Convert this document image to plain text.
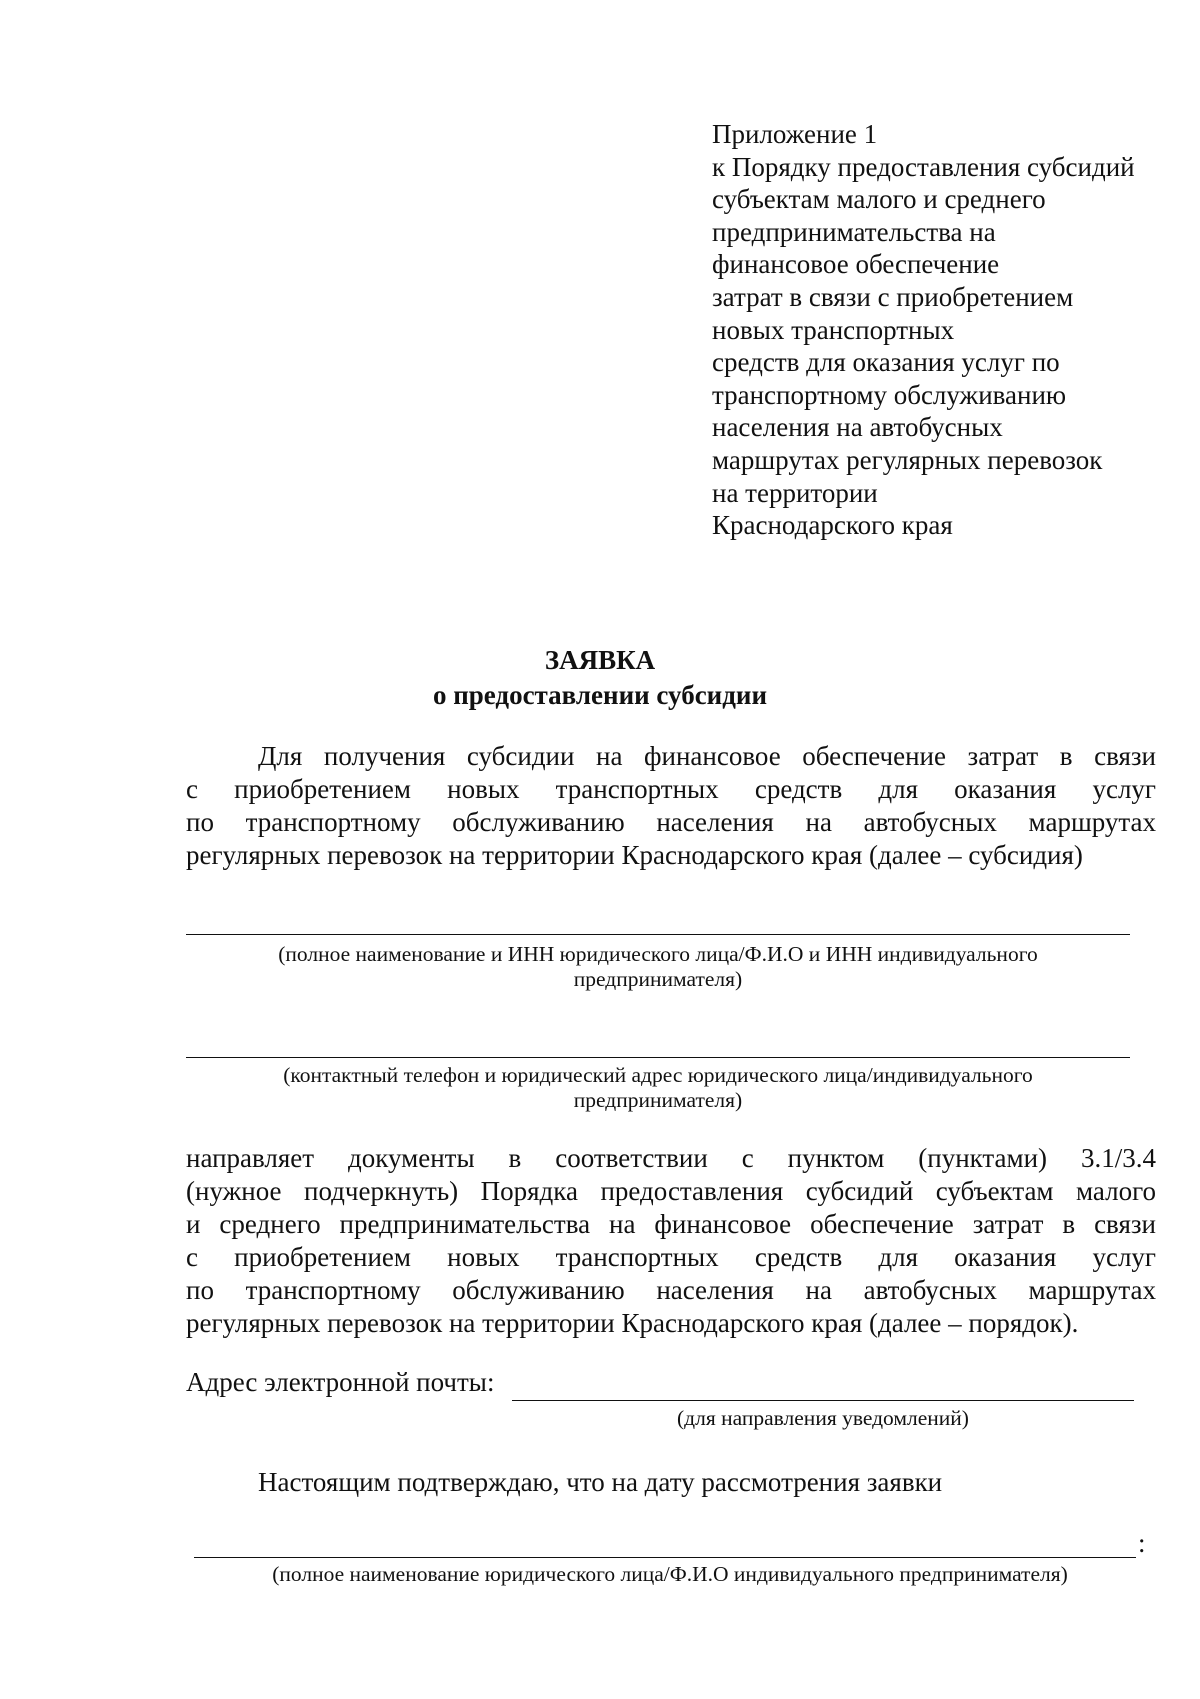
Приложение 1
к Порядку предоставления субсидий
субъектам малого и среднего
предпринимательства на
финансовое обеспечение
затрат в связи с приобретением
новых транспортных
средств для оказания услуг по
транспортному обслуживанию
населения на автобусных
маршрутах регулярных перевозок
на территории
Краснодарского края
ЗАЯВКА
о предоставлении субсидии
Для получения субсидии на финансовое обеспечение затрат в связи
с приобретением новых транспортных средств для оказания услуг
по транспортному обслуживанию населения на автобусных маршрутах
регулярных перевозок на территории Краснодарского края (далее – субсидия)
(полное наименование и ИНН юридического лица/Ф.И.О и ИНН индивидуального
предпринимателя)
(контактный телефон и юридический адрес юридического лица/индивидуального
предпринимателя)
направляет документы в соответствии с пунктом (пунктами) 3.1/3.4
(нужное подчеркнуть) Порядка предоставления субсидий субъектам малого
и среднего предпринимательства на финансовое обеспечение затрат в связи
с приобретением новых транспортных средств для оказания услуг
по транспортному обслуживанию населения на автобусных маршрутах
регулярных перевозок на территории Краснодарского края (далее – порядок).
Адрес электронной почты:
(для направления уведомлений)
Настоящим подтверждаю, что на дату рассмотрения заявки
:
(полное наименование юридического лица/Ф.И.О индивидуального предпринимателя)
